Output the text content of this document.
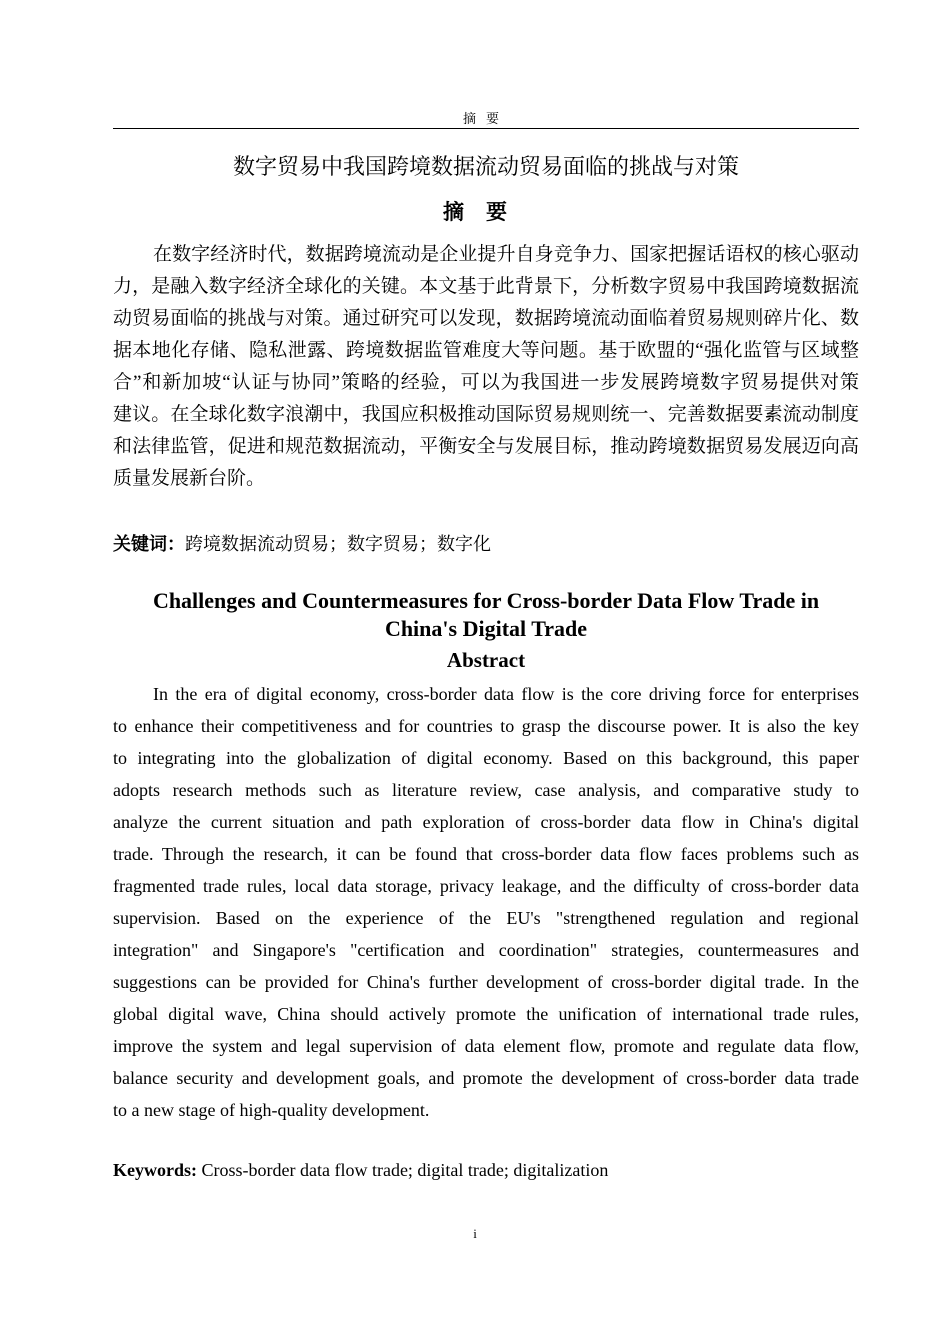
摘要
数字贸易中我国跨境数据流动贸易面临的挑战与对策
摘要
在数字经济时代，数据跨境流动是企业提升自身竞争力、国家把握话语权的核心驱动
力，是融入数字经济全球化的关键。本文基于此背景下，分析数字贸易中我国跨境数据流
动贸易面临的挑战与对策。通过研究可以发现，数据跨境流动面临着贸易规则碎片化、数
据本地化存储、隐私泄露、跨境数据监管难度大等问题。基于欧盟的“强化监管与区域整
合”和新加坡“认证与协同”策略的经验，可以为我国进一步发展跨境数字贸易提供对策
建议。在全球化数字浪潮中，我国应积极推动国际贸易规则统一、完善数据要素流动制度
和法律监管，促进和规范数据流动，平衡安全与发展目标，推动跨境数据贸易发展迈向高
质量发展新台阶。
关键词：跨境数据流动贸易；数字贸易；数字化
Challenges and Countermeasures for Cross-border Data Flow Trade in
China's Digital Trade
Abstract
In the era of digital economy, cross-border data flow is the core driving force for enterprises
to enhance their competitiveness and for countries to grasp the discourse power. It is also the key
to integrating into the globalization of digital economy. Based on this background, this paper
adopts research methods such as literature review, case analysis, and comparative study to
analyze the current situation and path exploration of cross-border data flow in China's digital
trade. Through the research, it can be found that cross-border data flow faces problems such as
fragmented trade rules, local data storage, privacy leakage, and the difficulty of cross-border data
supervision. Based on the experience of the EU's "strengthened regulation and regional
integration" and Singapore's "certification and coordination" strategies, countermeasures and
suggestions can be provided for China's further development of cross-border digital trade. In the
global digital wave, China should actively promote the unification of international trade rules,
improve the system and legal supervision of data element flow, promote and regulate data flow,
balance security and development goals, and promote the development of cross-border data trade
to a new stage of high-quality development.
Keywords: Cross-border data flow trade; digital trade; digitalization
i
